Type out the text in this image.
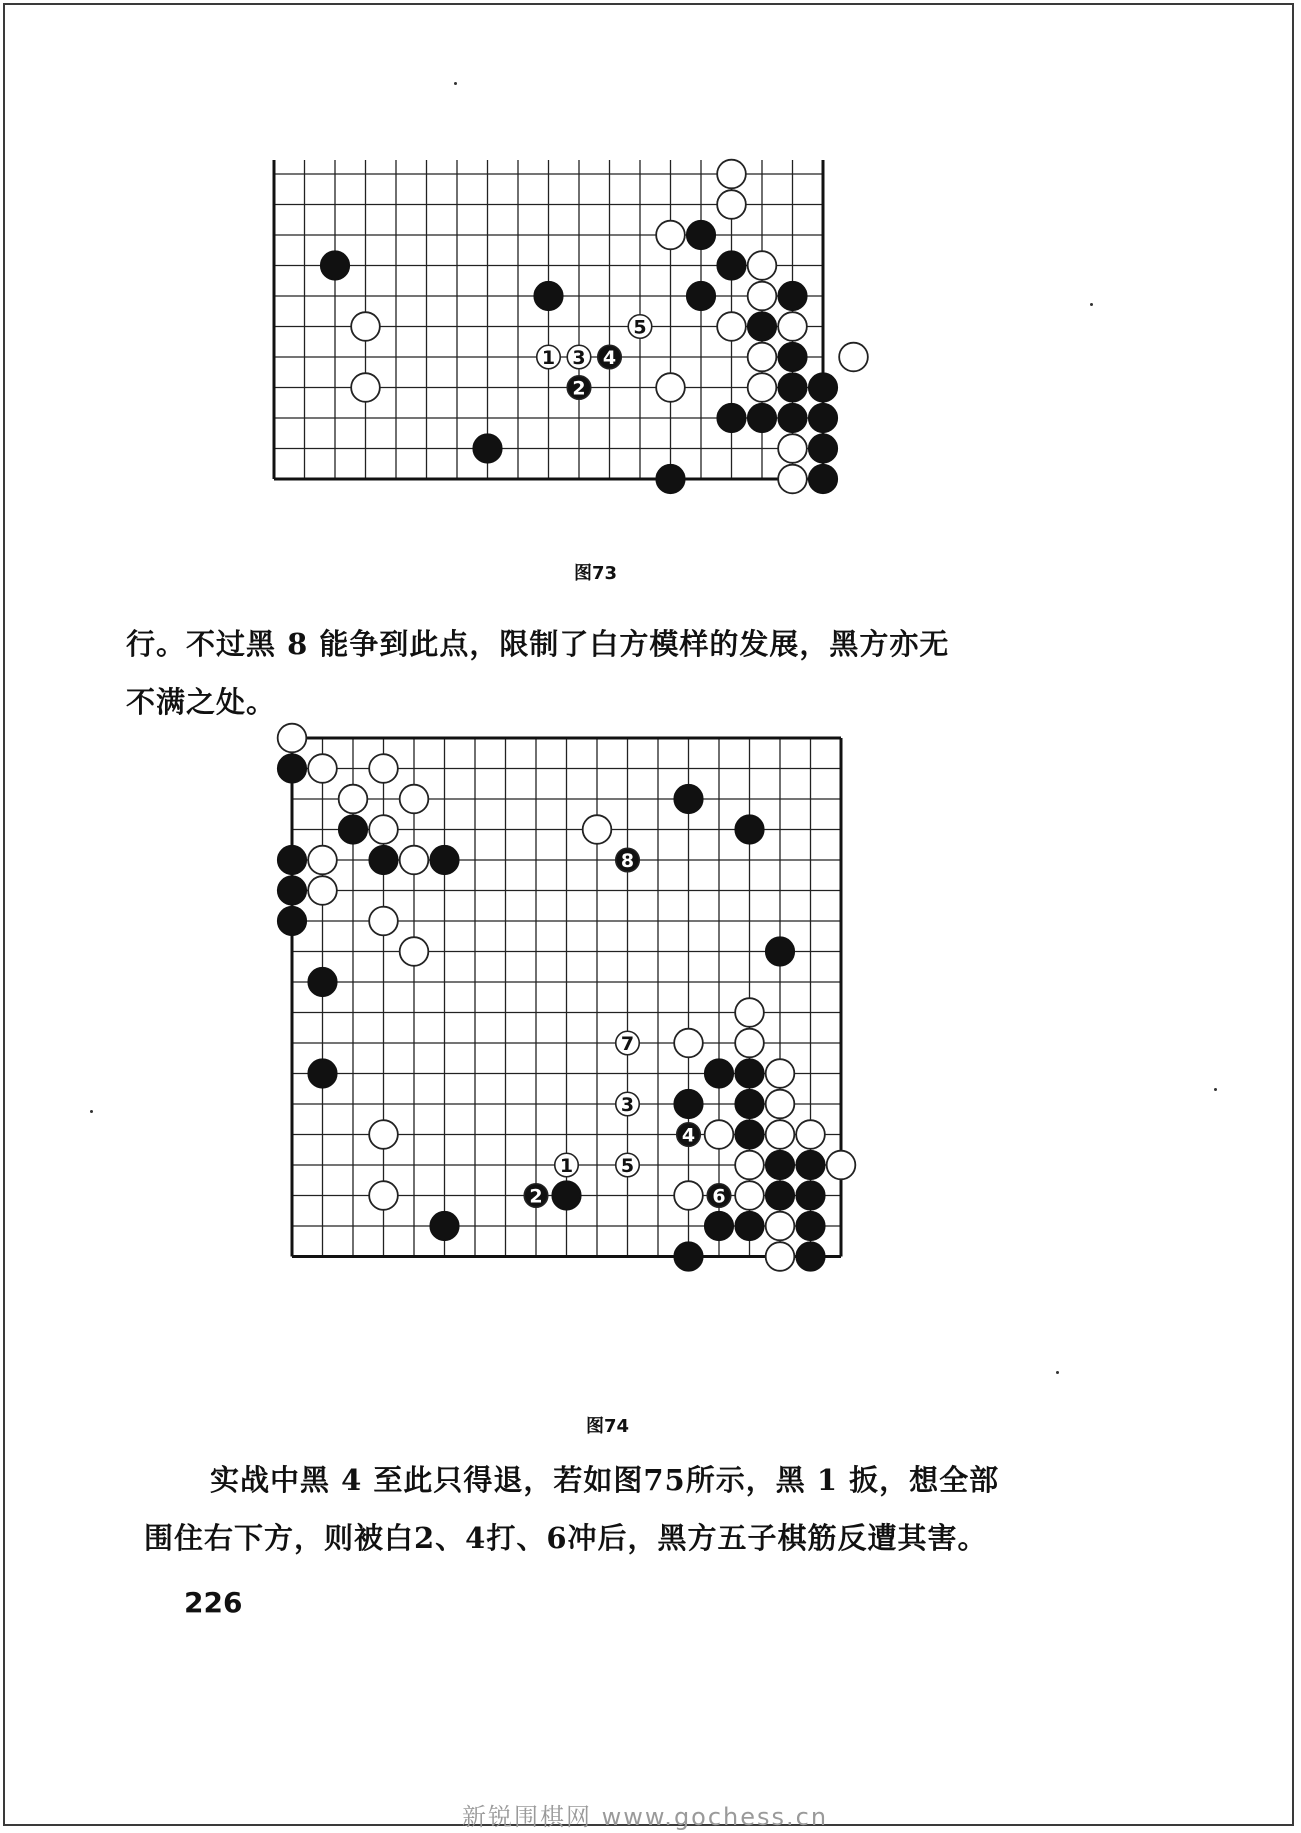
1
2
3 4
5
图73
行。不过黑 8 能争到此点，限制了白方模样的发展，黑方亦无
不满之处。
1
2
3
4
5
6
7
8
图74
实战中黑 4 至此只得退，若如图75所示，黑 1 扳，想全部
围住右下方，则被白2、4打、6冲后，黑方五子棋筋反遭其害。
226
新锐围棋网 www.gochess.cn
